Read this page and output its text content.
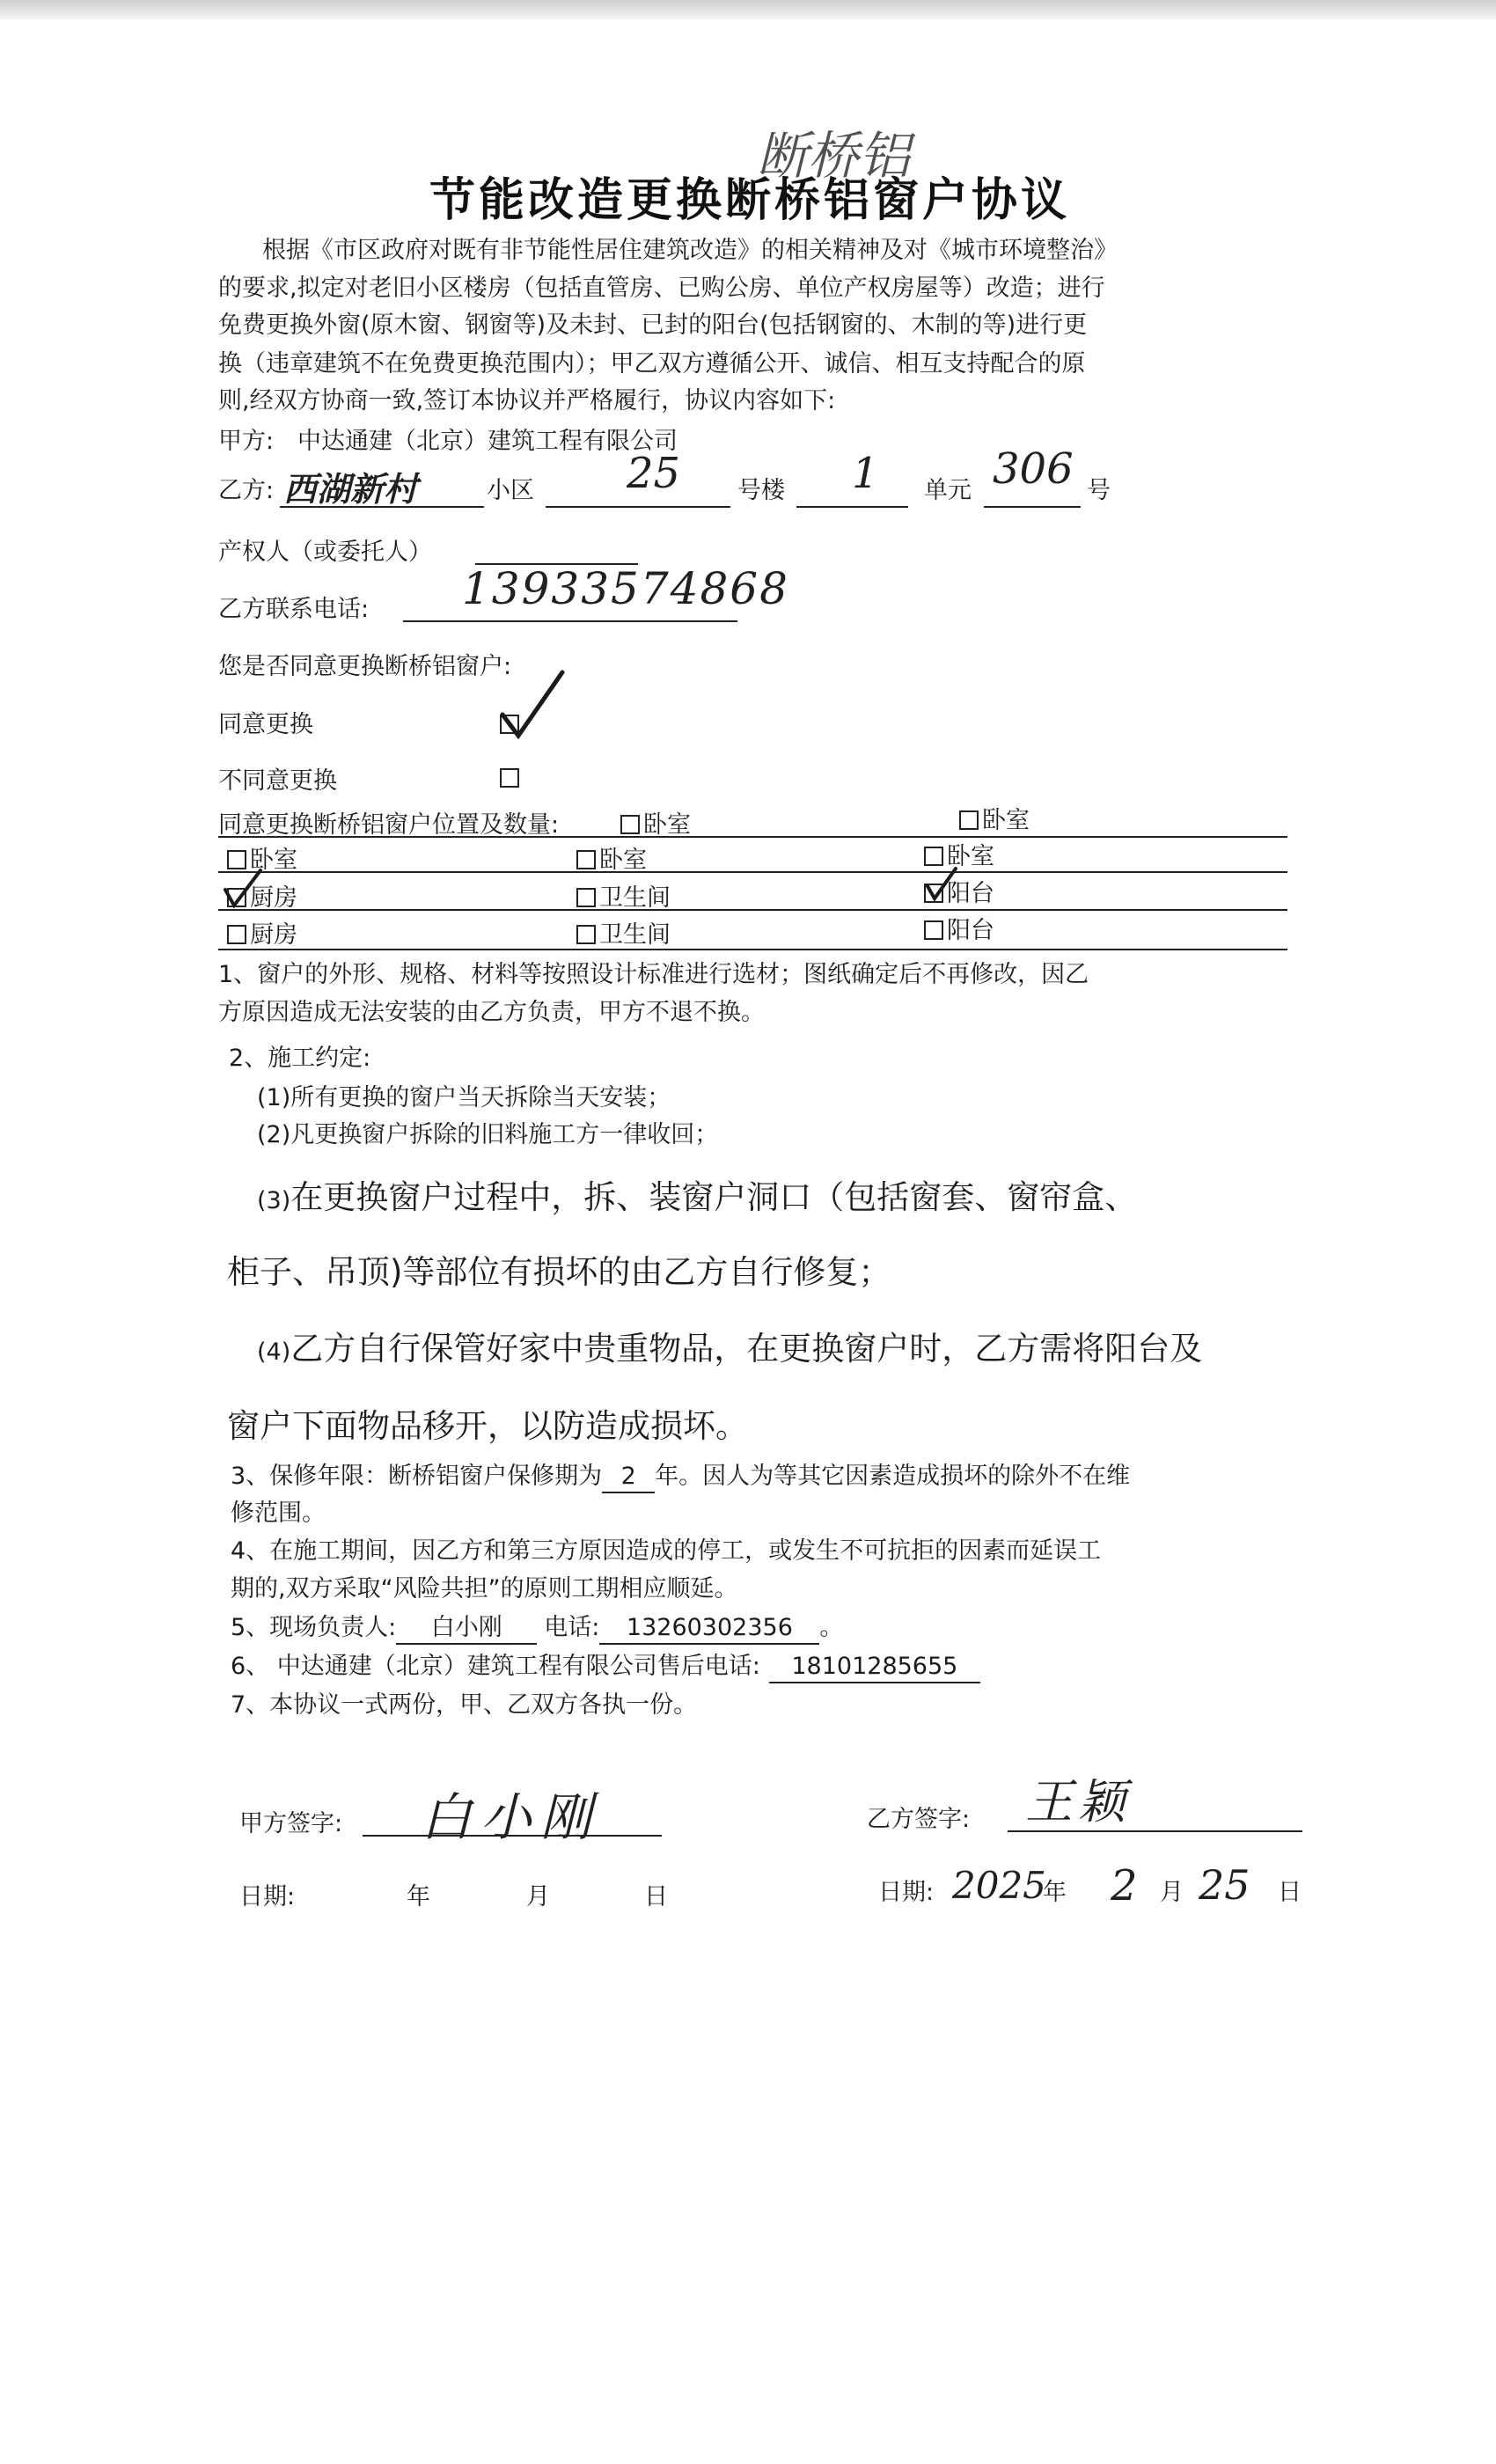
节能改造更换断桥铝窗户协议
断桥铝
根据《市区政府对既有非节能性居住建筑改造》的相关精神及对《城市环境整治》
的要求,拟定对老旧小区楼房（包括直管房、已购公房、单位产权房屋等）改造；进行
免费更换外窗(原木窗、钢窗等)及未封、已封的阳台(包括钢窗的、木制的等)进行更
换（违章建筑不在免费更换范围内）；甲乙双方遵循公开、诚信、相互支持配合的原
则,经双方协商一致,签订本协议并严格履行，协议内容如下:
甲方: 中达通建（北京）建筑工程有限公司
乙方: 西湖新村	小区 25 号楼 1 单元 306 号
产权人（或委托人）
乙方联系电话: 13933574868
您是否同意更换断桥铝窗户:
同意更换
不同意更换
同意更换断桥铝窗户位置及数量:	卧室	卧室
卧室	卧室	卧室
厨房	卫生间	阳台
厨房	卫生间	阳台
1、窗户的外形、规格、材料等按照设计标准进行选材；图纸确定后不再修改，因乙
方原因造成无法安装的由乙方负责，甲方不退不换。
2、施工约定:
(1)所有更换的窗户当天拆除当天安装；
(2)凡更换窗户拆除的旧料施工方一律收回；
(3)在更换窗户过程中，拆、装窗户洞口（包括窗套、窗帘盒、
柜子、吊顶)等部位有损坏的由乙方自行修复；
(4)乙方自行保管好家中贵重物品，在更换窗户时，乙方需将阳台及
窗户下面物品移开，以防造成损坏。
3、保修年限：断桥铝窗户保修期为 2 年。因人为等其它因素造成损坏的除外不在维
修范围。
4、在施工期间，因乙方和第三方原因造成的停工，或发生不可抗拒的因素而延误工
期的,双方采取“风险共担”的原则工期相应顺延。
5、现场负责人: 白小刚 电话: 13260302356 。
6、 中达通建（北京）建筑工程有限公司售后电话: 18101285655
7、本协议一式两份，甲、乙双方各执一份。
甲方签字: 白小刚	乙方签字: 王颖
日期:	年	月	日	日期: 2025
年 2 月 25 日
